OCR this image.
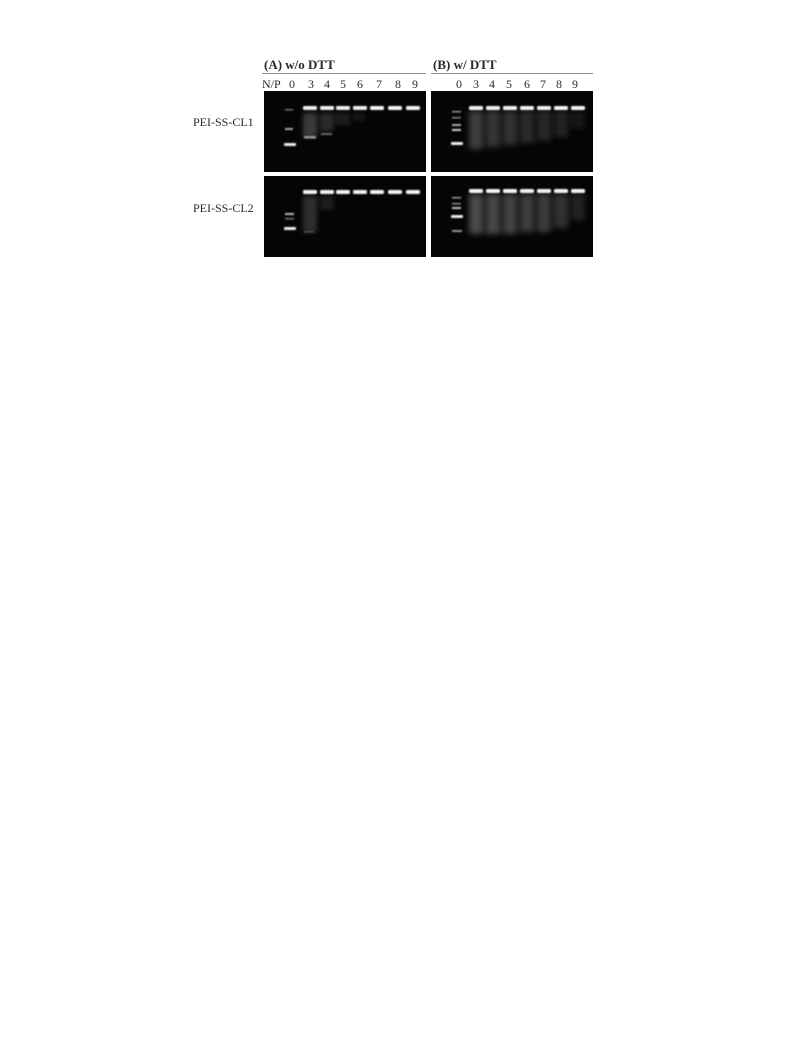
(A) w/o DTT	(B) w/ DTT
N/P 0	3 4 5 6	7	8 9	0 3 4 5	6 7 8 9
PEI-SS-CL1
PEI-SS-CL2
